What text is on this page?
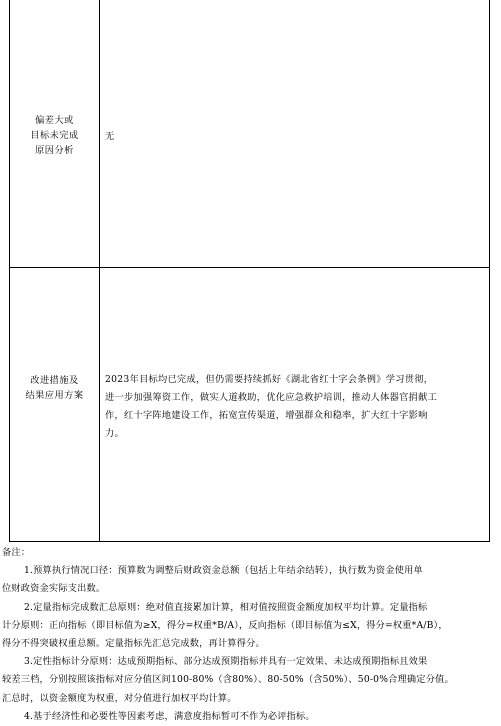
偏差大或
目标未完成
原因分析
无
改进措施及
结果应用方案
2023年目标均已完成，但仍需要持续抓好《湖北省红十字会条例》学习贯彻，
进一步加强筹资工作，做实人道救助，优化应急救护培训，推动人体器官捐献工
作，红十字阵地建设工作，拓宽宣传渠道，增强群众和稳率，扩大红十字影响
力。
备注：
1.预算执行情况口径：预算数为调整后财政资金总额（包括上年结余结转），执行数为资金使用单
位财政资金实际支出数。
2.定量指标完成数汇总原则：绝对值直接累加计算，相对值按照资金额度加权平均计算。定量指标
计分原则：正向指标（即目标值为≥X，得分=权重*B/A），反向指标（即目标值为≤X，得分=权重*A/B），
得分不得突破权重总额。定量指标先汇总完成数，再计算得分。
3.定性指标计分原则：达成预期指标、部分达成预期指标并具有一定效果、未达成预期指标且效果
较差三档，分别按照该指标对应分值区间100-80%（含80%）、80-50%（含50%）、50-0%合理确定分值。
汇总时，以资金额度为权重，对分值进行加权平均计算。
4.基于经济性和必要性等因素考虑，满意度指标暂可不作为必评指标。
